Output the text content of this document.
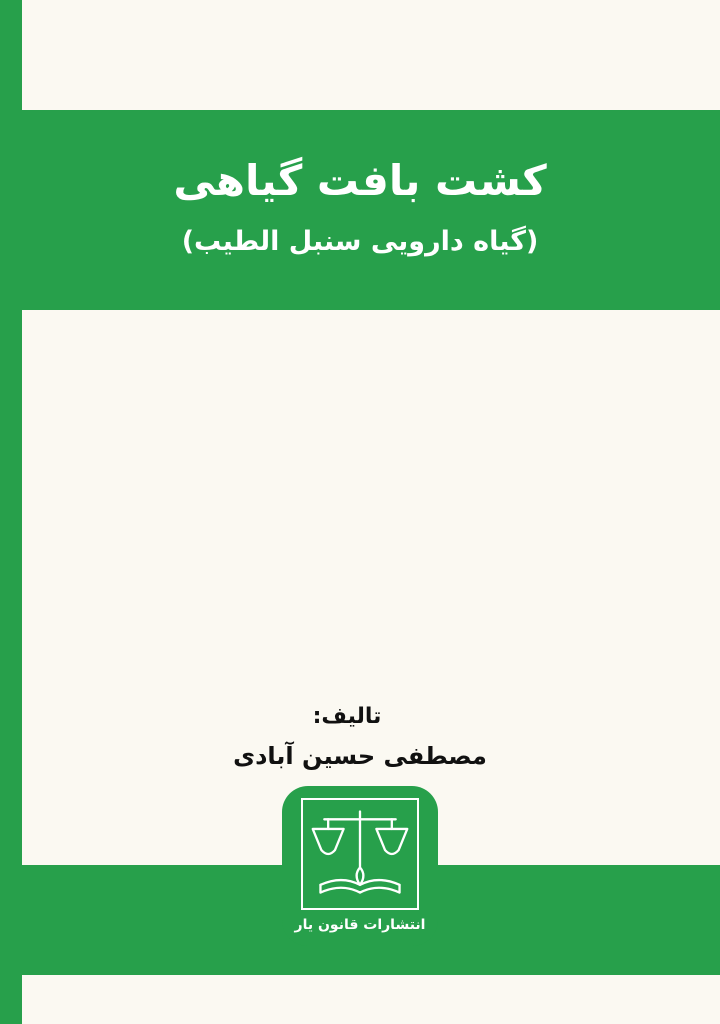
کشت بافت گیاهی
(گیاه دارویی سنبل الطیب)

تالیف:

مصطفی حسین آبادی

انتشارات قانون یار
